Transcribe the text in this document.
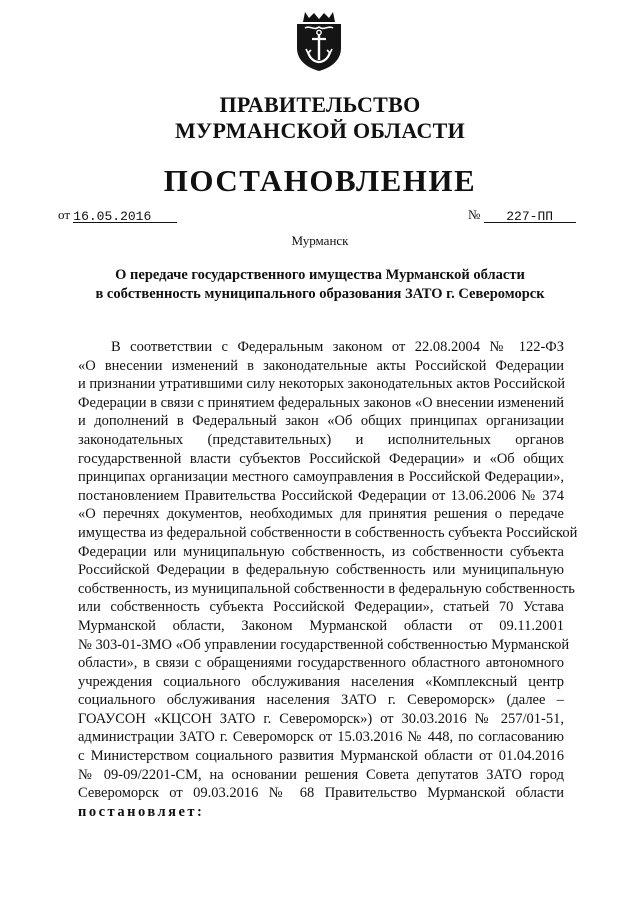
ПРАВИТЕЛЬСТВО
МУРМАНСКОЙ ОБЛАСТИ
ПОСТАНОВЛЕНИЕ
от 16.05.2016	№ 227-ПП
Мурманск
О передаче государственного имущества Мурманской области
в собственность муниципального образования ЗАТО г. Североморск
В соответствии с Федеральным законом от 22.08.2004 № 122-ФЗ
«О внесении изменений в законодательные акты Российской Федерации
и признании утратившими силу некоторых законодательных актов Российской
Федерации в связи с принятием федеральных законов «О внесении изменений
и дополнений в Федеральный закон «Об общих принципах организации
законодательных (представительных) и исполнительных органов
государственной власти субъектов Российской Федерации» и «Об общих
принципах организации местного самоуправления в Российской Федерации»,
постановлением Правительства Российской Федерации от 13.06.2006 № 374
«О перечнях документов, необходимых для принятия решения о передаче
имущества из федеральной собственности в собственность субъекта Российской
Федерации или муниципальную собственность, из собственности субъекта
Российской Федерации в федеральную собственность или муниципальную
собственность, из муниципальной собственности в федеральную собственность
или собственность субъекта Российской Федерации», статьей 70 Устава
Мурманской области, Законом Мурманской области от 09.11.2001
№ 303-01-ЗМО «Об управлении государственной собственностью Мурманской
области», в связи с обращениями государственного областного автономного
учреждения социального обслуживания населения «Комплексный центр
социального обслуживания населения ЗАТО г. Североморск» (далее –
ГОАУСОН «КЦСОН ЗАТО г. Североморск») от 30.03.2016 № 257/01-51,
администрации ЗАТО г. Североморск от 15.03.2016 № 448, по согласованию
с Министерством социального развития Мурманской области от 01.04.2016
№ 09-09/2201-СМ, на основании решения Совета депутатов ЗАТО город
Североморск от 09.03.2016 № 68 Правительство Мурманской области
постановляет:
